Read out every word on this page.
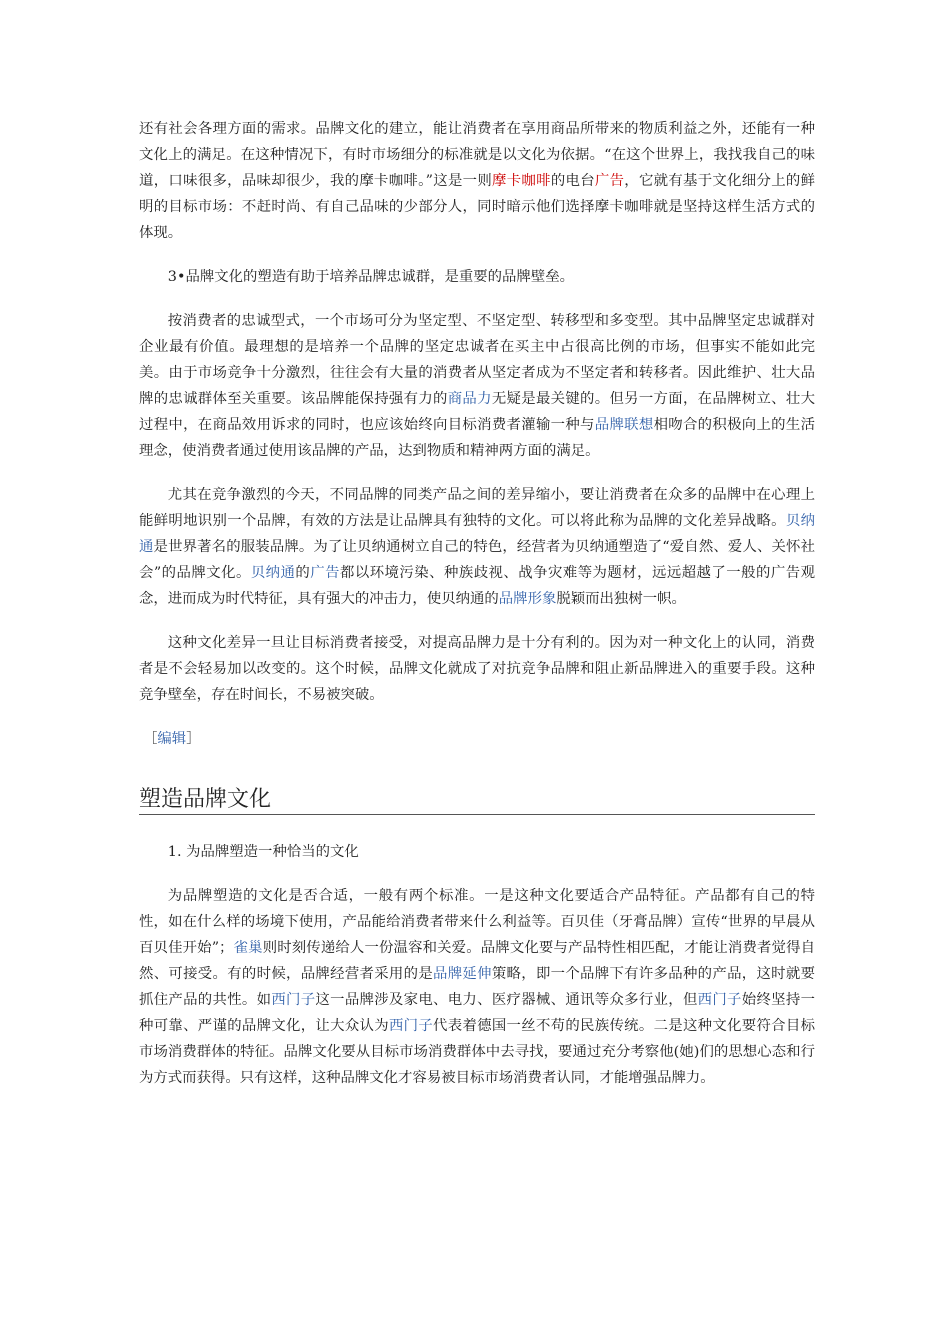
还有社会各理方面的需求。品牌文化的建立，能让消费者在享用商品所带来的物质利益之外，还能有一种文化上的满足。在这种情况下，有时市场细分的标准就是以文化为依据。“在这个世界上，我找我自己的味道，口味很多，品味却很少，我的摩卡咖啡。”这是一则摩卡咖啡的电台广告，它就有基于文化细分上的鲜明的目标市场：不赶时尚、有自己品味的少部分人，同时暗示他们选择摩卡咖啡就是坚持这样生活方式的体现。

3•品牌文化的塑造有助于培养品牌忠诚群，是重要的品牌壁垒。

按消费者的忠诚型式，一个市场可分为坚定型、不坚定型、转移型和多变型。其中品牌坚定忠诚群对企业最有价值。最理想的是培养一个品牌的坚定忠诚者在买主中占很高比例的市场，但事实不能如此完美。由于市场竞争十分激烈，往往会有大量的消费者从坚定者成为不坚定者和转移者。因此维护、壮大品牌的忠诚群体至关重要。该品牌能保持强有力的商品力无疑是最关键的。但另一方面，在品牌树立、壮大过程中，在商品效用诉求的同时，也应该始终向目标消费者灌输一种与品牌联想相吻合的积极向上的生活理念，使消费者通过使用该品牌的产品，达到物质和精神两方面的满足。

尤其在竞争激烈的今天，不同品牌的同类产品之间的差异缩小，要让消费者在众多的品牌中在心理上能鲜明地识别一个品牌，有效的方法是让品牌具有独特的文化。可以将此称为品牌的文化差异战略。贝纳通是世界著名的服装品牌。为了让贝纳通树立自己的特色，经营者为贝纳通塑造了“爱自然、爱人、关怀社会”的品牌文化。贝纳通的广告都以环境污染、种族歧视、战争灾难等为题材，远远超越了一般的广告观念，进而成为时代特征，具有强大的冲击力，使贝纳通的品牌形象脱颖而出独树一帜。

这种文化差异一旦让目标消费者接受，对提高品牌力是十分有利的。因为对一种文化上的认同，消费者是不会轻易加以改变的。这个时候，品牌文化就成了对抗竞争品牌和阻止新品牌进入的重要手段。这种竞争壁垒，存在时间长，不易被突破。

［编辑］
塑造品牌文化

1. 为品牌塑造一种恰当的文化

为品牌塑造的文化是否合适，一般有两个标准。一是这种文化要适合产品特征。产品都有自己的特性，如在什么样的场境下使用，产品能给消费者带来什么利益等。百贝佳（牙膏品牌）宣传“世界的早晨从百贝佳开始”；雀巢则时刻传递给人一份温容和关爱。品牌文化要与产品特性相匹配，才能让消费者觉得自然、可接受。有的时候，品牌经营者采用的是品牌延伸策略，即一个品牌下有许多品种的产品，这时就要抓住产品的共性。如西门子这一品牌涉及家电、电力、医疗器械、通讯等众多行业，但西门子始终坚持一种可靠、严谨的品牌文化，让大众认为西门子代表着德国一丝不苟的民族传统。二是这种文化要符合目标市场消费群体的特征。品牌文化要从目标市场消费群体中去寻找，要通过充分考察他(她)们的思想心态和行为方式而获得。只有这样，这种品牌文化才容易被目标市场消费者认同，才能增强品牌力。
